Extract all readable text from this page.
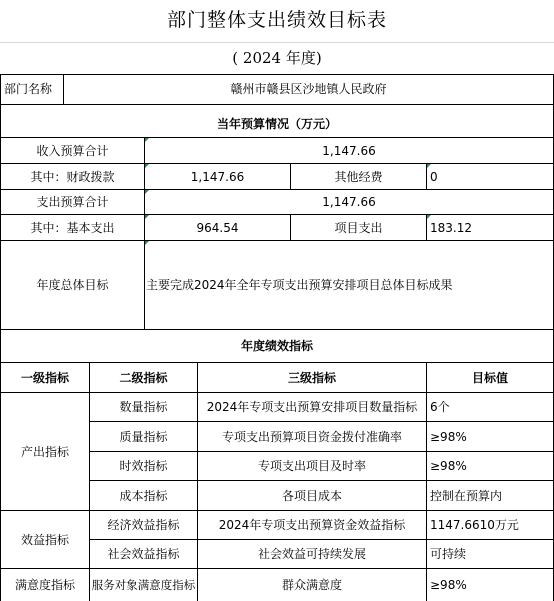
部门整体支出绩效目标表
( 2024 年度)
部门名称	赣州市赣县区沙地镇人民政府
当年预算情况（万元）
收入预算合计	1,147.66
其中：财政拨款	1,147.66	其他经费	0
支出预算合计	1,147.66
其中：基本支出	964.54	项目支出	183.12
年度总体目标	主要完成2024年全年专项支出预算安排项目总体目标成果
年度绩效指标
一级指标	二级指标	三级指标	目标值
产出指标
数量指标	2024年专项支出预算安排项目数量指标	6个
质量指标	专项支出预算项目资金拨付准确率	≥98%
时效指标	专项支出项目及时率	≥98%
成本指标	各项目成本	控制在预算内
效益指标
经济效益指标	2024年专项支出预算资金效益指标	1147.6610万元
社会效益指标	社会效益可持续发展	可持续
满意度指标	服务对象满意度指标	群众满意度	≥98%
